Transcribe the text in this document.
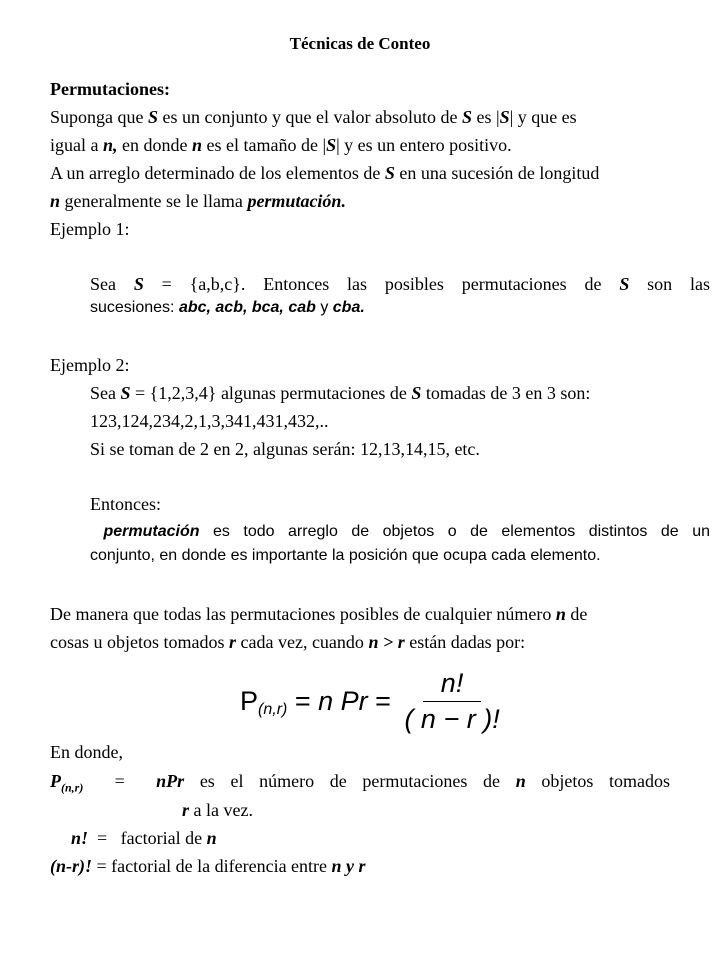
Técnicas de Conteo
Permutaciones:
Suponga que S es un conjunto y que el valor absoluto de S es |S| y que es
igual a n, en donde n es el tamaño de |S| y es un entero positivo.
A un arreglo determinado de los elementos de S en una sucesión de longitud
n generalmente se le llama permutación.
Ejemplo 1:
Sea S = {a,b,c}. Entonces las posibles permutaciones de S son las
sucesiones: abc, acb, bca, cab y cba.
Ejemplo 2:
Sea S = {1,2,3,4} algunas permutaciones de S tomadas de 3 en 3 son:
123,124,234,2,1,3,341,431,432,..
Si se toman de 2 en 2, algunas serán: 12,13,14,15, etc.
Entonces:
permutación es todo arreglo de objetos o de elementos distintos de un
conjunto, en donde es importante la posición que ocupa cada elemento.
De manera que todas las permutaciones posibles de cualquier número n de
cosas u objetos tomados r cada vez, cuando n > r están dadas por:
P (n,r) = n $Pr = \frac{n!}{( n - r )!}$
En donde,
$P_{(n,r)}$  =  nPr es el número de permutaciones de n objetos tomados
r a la vez.
n!  =   factorial de n
(n-r)! = factorial de la diferencia entre n y r
